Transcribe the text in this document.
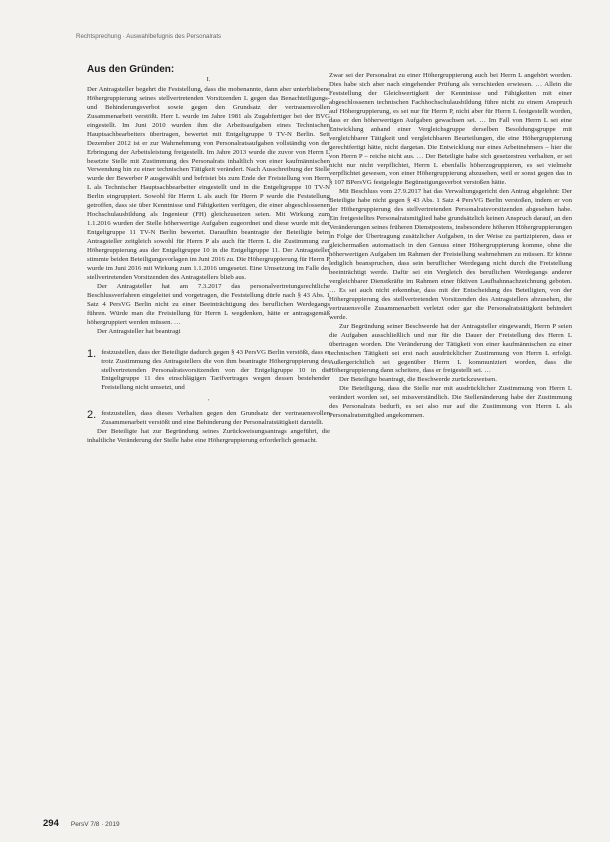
Rechtsprechung · Auswahlbefugnis des Personalrats
Aus den Gründen:
I.

Der Antragsteller begehrt die Feststellung, dass die mobenannte, dann aber unterbliebene Höhergruppierung seines stellvertretenden Vorsitzenden L gegen das Benachteiligungs- und Behinderungsverbot sowie gegen den Grundsatz der vertrauensvollen Zusammenarbeit verstößt. Herr L wurde im Jahre 1981 als Zugabfertiger bei der BVG eingestellt. Im Juni 2010 wurden ihm die Arbeitsaufgaben eines Technischen Hauptsachbearbeiters übertragen, bewertet mit Entgeltgruppe 9 TV-N Berlin. Seit Dezember 2012 ist er zur Wahrnehmung von Personalratsaufgaben vollständig von der Erbringung der Arbeitsleistung freigestellt. Im Jahre 2013 wurde die zuvor von Herrn L besetzte Stelle mit Zustimmung des Personalrats inhaltlich von einer kaufmännischen Verwendung hin zu einer technischen Tätigkeit verändert. Nach Ausschreibung der Stelle wurde der Bewerber P ausgewählt und befristet bis zum Ende der Freistellung von Herrn L als Technischer Hauptsachbearbeiter eingestellt und in die Entgeltgruppe 10 TV-N Berlin eingruppiert. Sowohl für Herrn L als auch für Herrn P wurde die Feststellung getroffen, dass sie über Kenntnisse und Fähigkeiten verfügen, die einer abgeschlossenen Hochschulausbildung als Ingenieur (FH) gleichzusetzen seien. Mit Wirkung zum 1.1.2016 wurden der Stelle höherwertige Aufgaben zugeordnet und diese wurde mit der Entgeltgruppe 11 TV-N Berlin bewertet. Daraufhin beantragte der Beteiligte beim Antragsteller zeitgleich sowohl für Herrn P als auch für Herrn L die Zustimmung zur Höhergruppierung aus der Entgeltgruppe 10 in die Entgeltgruppe 11. Der Antragsteller stimmte beiden Beteiligungsvorlagen im Juni 2016 zu. Die Höhergruppierung für Herrn P wurde im Juni 2016 mit Wirkung zum 1.1.2016 umgesetzt. Eine Umsetzung im Falle des stellvertretenden Vorsitzenden des Antragstellers blieb aus.

Der Antragsteller hat am 7.3.2017 das personalvertretungsrechtliche Beschlussverfahren eingeleitet und vorgetragen, die Feststellung dürfe nach § 43 Abs. 1 Satz 4 PersVG Berlin nicht zu einer Beeinträchtigung des beruflichen Werdegangs führen. Würde man die Freistellung für Herrn L wegdenken, hätte er antragsgemäß höhergruppiert werden müssen. …

Der Antragsteller hat beantragt

1. festzustellen, dass der Beteiligte dadurch gegen § 43 PersVG Berlin verstößt, dass er trotz Zustimmung des Antragstellers die von ihm beantragte Höhergruppierung des stellvertretenden Personalratsvorsitzenden von der Entgeltgruppe 10 in die Entgeltgruppe 11 des einschlägigen Tarifvertrages wegen dessen bestehender Freistellung nicht umsetzt, und
•
2. festzustellen, dass dieses Verhalten gegen den Grundsatz der vertrauensvollen Zusammenarbeit verstößt und eine Behinderung der Personalratstätigkeit darstellt.

Der Beteiligte hat zur Begründung seines Zurückweisungsantrags angeführt, die inhaltliche Veränderung der Stelle habe eine Höhergruppierung erforderlich gemacht.

Zwar sei der Personalrat zu einer Höhergruppierung auch bei Herrn L angehört worden. Dies habe sich aber nach eingehender Prüfung als verschieden erwiesen. … Allein die Feststellung der Gleichwertigkeit der Kenntnisse und Fähigkeiten mit einer abgeschlossenen technischen Fachhochschulausbildung führe nicht zu einem Anspruch auf Höhergruppierung, es sei nur für Herrn P, nicht aber für Herrn L festgestellt worden, dass er den höherwertigen Aufgaben gewachsen sei. … Im Fall von Herrn L sei eine Entwicklung anhand einer Vergleichsgruppe derselben Besoldungsgruppe mit vergleichbarer Tätigkeit und vergleichbaren Beurteilungen, die eine Höhergruppierung gerechtfertigt hätte, nicht dargetan. Die Entwicklung nur eines Arbeitnehmers – hier die von Herrn P – reiche nicht aus. … Der Beteiligte habe sich gesetzestreu verhalten, er sei nicht nur nicht verpflichtet, Herrn L ebenfalls höherzugruppieren, es sei vielmehr verpflichtet gewesen, von einer Höhergruppierung abzusehen, weil er sonst gegen das in § 107 BPersVG festgelegte Begünstigungsverbot verstoßen hätte.

Mit Beschluss vom 27.9.2017 hat das Verwaltungsgericht den Antrag abgelehnt: Der Beteiligte habe nicht gegen § 43 Abs. 1 Satz 4 PersVG Berlin verstoßen, indem er von der Höhergruppierung des stellvertretenden Personalratsvorsitzenden abgesehen habe. Ein freigestelltes Personalratsmitglied habe grundsätzlich keinen Anspruch darauf, an den Veränderungen seines früheren Dienstpostens, insbesondere höheren Höhergruppierungen in Folge der Übertragung zusätzlicher Aufgaben, in der Weise zu partizipieren, dass er gleichermaßen automatisch in den Genuss einer Höhergruppierung komme, ohne die höherwertigen Aufgaben im Rahmen der Freistellung wahrnehmen zu müssen. Er könne lediglich beanspruchen, dass sein beruflicher Werdegang nicht durch die Freistellung beeinträchtigt werde. Dafür sei ein Vergleich des beruflichen Werdegangs anderer vergleichbarer Dienstkräfte im Rahmen einer fiktiven Laufbahnnachzeichnung geboten. … Es sei auch nicht erkennbar, dass mit der Entscheidung des Beteiligten, von der Höhergruppierung des stellvertretenden Vorsitzenden des Antragstellers abzusehen, die vertrauensvolle Zusammenarbeit verletzt oder gar die Personalratstätigkeit behindert werde.

Zur Begründung seiner Beschwerde hat der Antragsteller eingewandt, Herrn P seien die Aufgaben ausschließlich und nur für die Dauer der Freistellung des Herrn L übertragen worden. Die Veränderung der Tätigkeit von einer kaufmännischen zu einer technischen Tätigkeit sei erst nach ausdrücklicher Zustimmung von Herrn L erfolgt. Außergerichtlich sei gegenüber Herrn L kommuniziert worden, dass die Höhergruppierung dann scheitere, dass er freigestellt sei. …

Der Beteiligte beantragt, die Beschwerde zurückzuweisen.

Die Beteiligung, dass die Stelle nur mit ausdrücklicher Zustimmung von Herrn L verändert worden sei, sei missverständlich. Die Stellenänderung habe der Zustimmung des Personalrats bedurft, es sei also nur auf die Zustimmung von Herrn L als Personalratsmitglied angekommen.

294 PersV 7/8 · 2019
